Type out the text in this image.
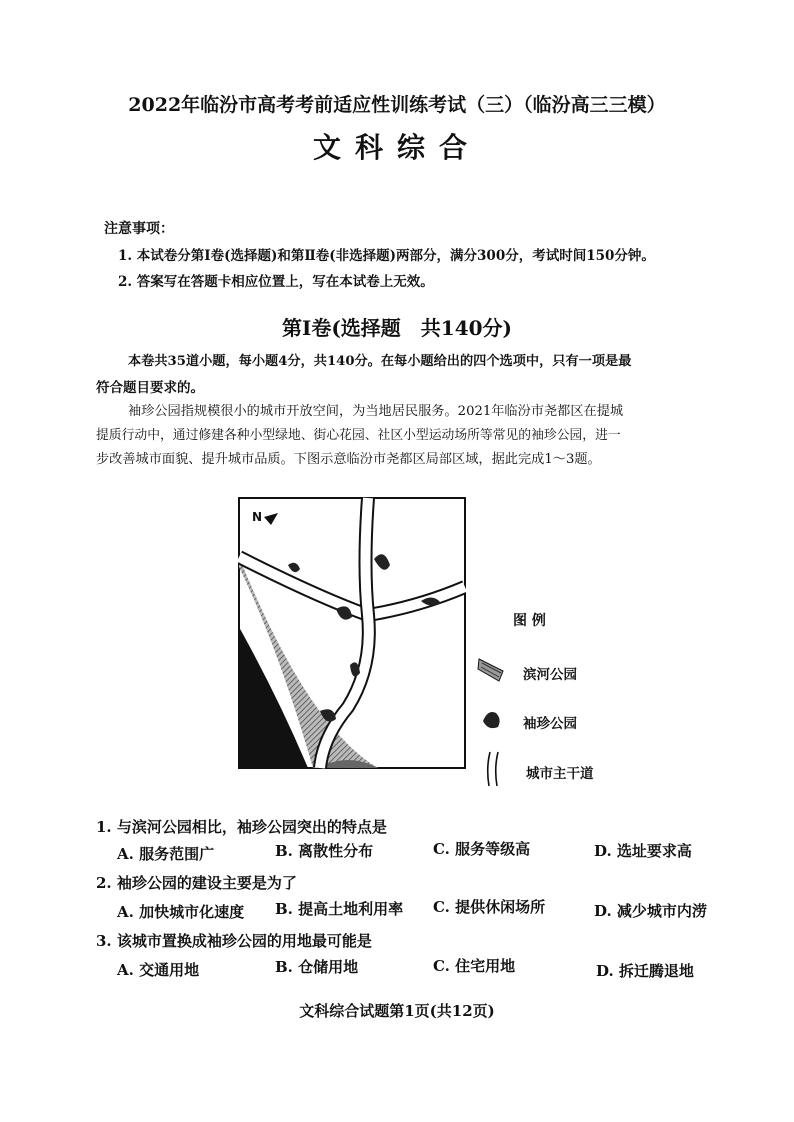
2022年临汾市高考考前适应性训练考试（三）（临汾高三三模）
文科综合
注意事项：
1. 本试卷分第Ⅰ卷(选择题)和第Ⅱ卷(非选择题)两部分，满分300分，考试时间150分钟。
2. 答案写在答题卡相应位置上，写在本试卷上无效。
第Ⅰ卷(选择题　共140分)
本卷共35道小题，每小题4分，共140分。在每小题给出的四个选项中，只有一项是最
符合题目要求的。
袖珍公园指规模很小的城市开放空间，为当地居民服务。2021年临汾市尧都区在提城
提质行动中，通过修建各种小型绿地、街心花园、社区小型运动场所等常见的袖珍公园，进一
步改善城市面貌、提升城市品质。下图示意临汾市尧都区局部区域，据此完成1～3题。
N
图 例
滨河公园
袖珍公园
城市主干道
1. 与滨河公园相比，袖珍公园突出的特点是
A. 服务范围广	B. 离散性分布	C. 服务等级高	D. 选址要求高
2. 袖珍公园的建设主要是为了
A. 加快城市化速度 B. 提高土地利用率 C. 提供休闲场所	D. 减少城市内涝
3. 该城市置换成袖珍公园的用地最可能是
A. 交通用地	B. 仓储用地	C. 住宅用地	D. 拆迁腾退地
文科综合试题第1页(共12页)
